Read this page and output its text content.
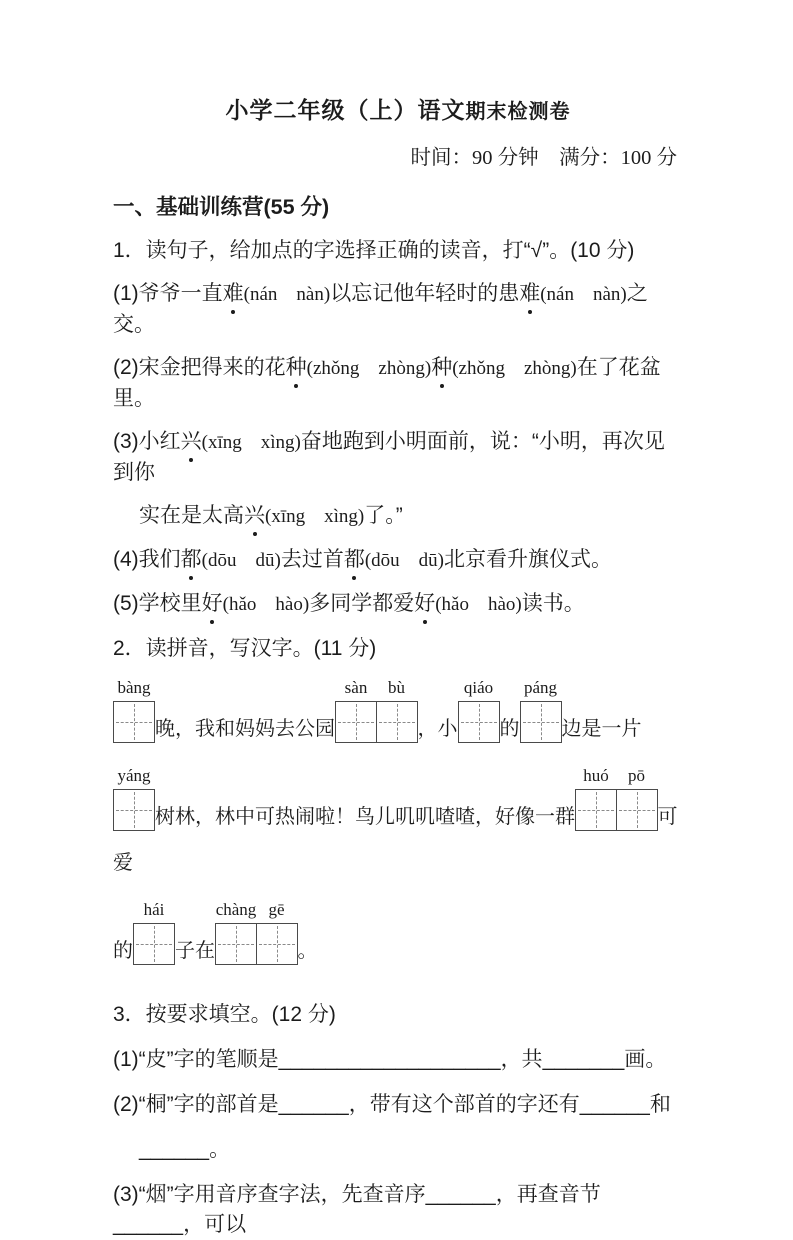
小学二年级（上）语文期末检测卷
时间：90 分钟　满分：100 分
一、基础训练营(55 分)
1．读句子，给加点的字选择正确的读音，打“√”。(10 分)
(1)爷爷一直难(nán    nàn)以忘记他年轻时的患难(nán    nàn)之交。
(2)宋金把得来的花种(zhǒng    zhòng)种(zhǒng    zhòng)在了花盆里。
(3)小红兴(xīng    xìng)奋地跑到小明面前，说：“小明，再次见到你
实在是太高兴(xīng    xìng)了。”
(4)我们都(dōu    dū)去过首都(dōu    dū)北京看升旗仪式。
(5)学校里好(hǎo    hào)多同学都爱好(hǎo    hào)读书。
2．读拼音，写汉字。(11 分)
bàng
晚，我和妈妈去公园
sàn bù
，小
qiáo
的
páng
边是一片
yáng
树林，林中可热闹啦！鸟儿叽叽喳喳，好像一群
huó pō
可爱
的
hái
子在
chàng gē
。
3．按要求填空。(12 分)
(1)“皮”字的笔顺是___________________，共_______画。
(2)“桐”字的部首是______，带有这个部首的字还有______和
______。
(3)“烟”字用音序查字法，先查音序______，再查音节______，可以
